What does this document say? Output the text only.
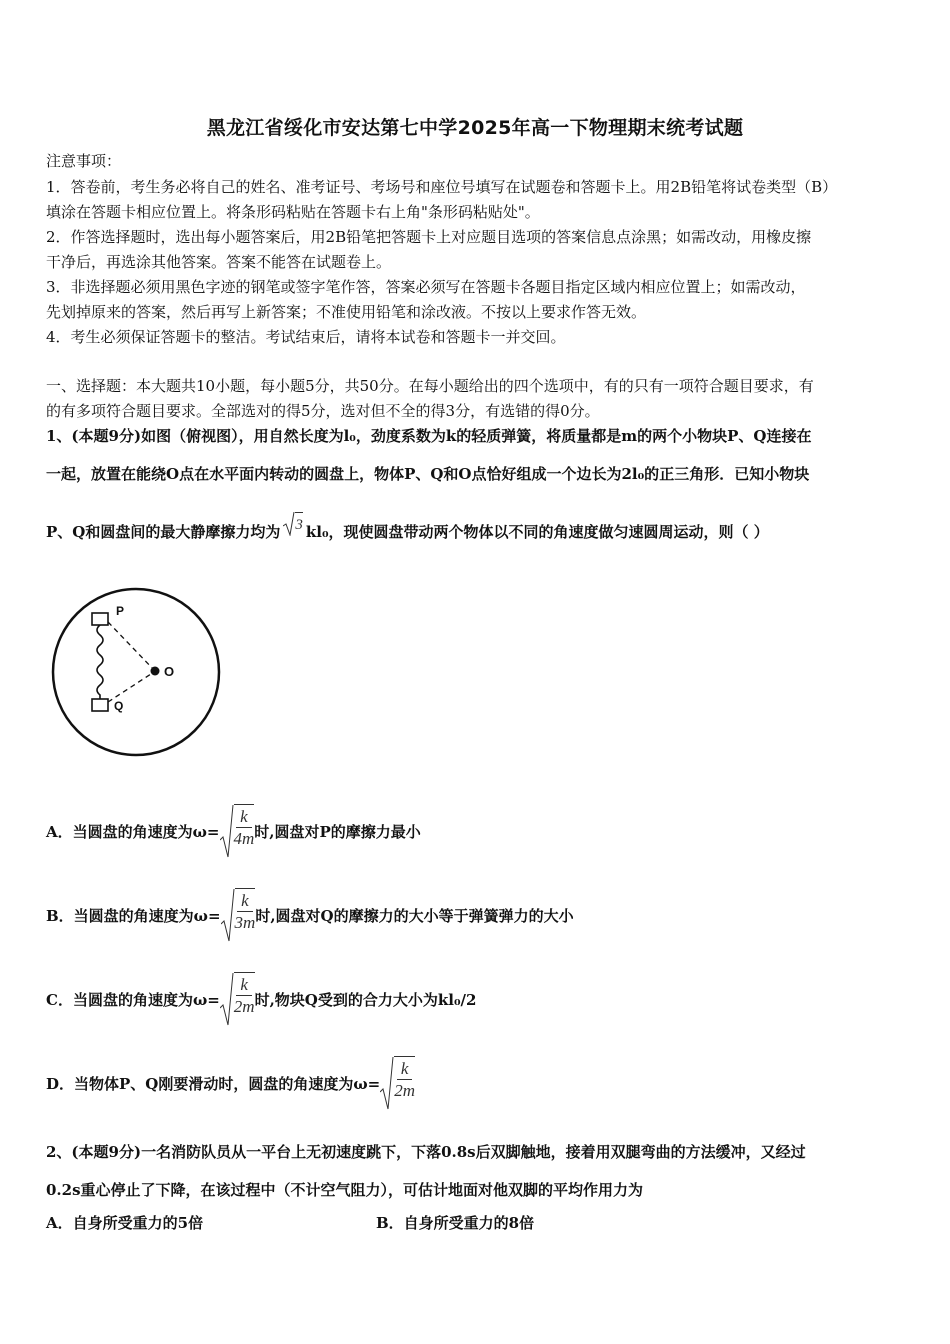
黑龙江省绥化市安达第七中学2025年高一下物理期末统考试题
注意事项：
1．答卷前，考生务必将自己的姓名、准考证号、考场号和座位号填写在试题卷和答题卡上。用2B铅笔将试卷类型（B）
填涂在答题卡相应位置上。将条形码粘贴在答题卡右上角"条形码粘贴处"。
2．作答选择题时，选出每小题答案后，用2B铅笔把答题卡上对应题目选项的答案信息点涂黑；如需改动，用橡皮擦
干净后，再选涂其他答案。答案不能答在试题卷上。
3．非选择题必须用黑色字迹的钢笔或签字笔作答，答案必须写在答题卡各题目指定区域内相应位置上；如需改动，
先划掉原来的答案，然后再写上新答案；不准使用铅笔和涂改液。不按以上要求作答无效。
4．考生必须保证答题卡的整洁。考试结束后，请将本试卷和答题卡一并交回。
一、选择题：本大题共10小题，每小题5分，共50分。在每小题给出的四个选项中，有的只有一项符合题目要求，有
的有多项符合题目要求。全部选对的得5分，选对但不全的得3分，有选错的得0分。
1、(本题9分)如图（俯视图），用自然长度为l₀，劲度系数为k的轻质弹簧，将质量都是m的两个小物块P、Q连接在
一起，放置在能绕O点在水平面内转动的圆盘上，物体P、Q和O点恰好组成一个边长为2l₀的正三角形．已知小物块
P、Q和圆盘间的最大静摩擦力均为 3 kl₀，现使圆盘带动两个物体以不同的角速度做匀速圆周运动，则（ ）
P
O
Q
A．当圆盘的角速度为$\omega= \frac{k}{4m}$ 时,圆盘对P的摩擦力最小
B．当圆盘的角速度为$\omega= \frac{k}{3m}$ 时,圆盘对Q的摩擦力的大小等于弹簧弹力的大小
C．当圆盘的角速度为$\omega= \frac{k}{2m}$ 时,物块Q受到的合力大小为kl₀/2
D．当物体P、Q刚要滑动时，圆盘的角速度为$\omega= \frac{k}{2m}$
2、(本题9分)一名消防队员从一平台上无初速度跳下，下落0.8s后双脚触地，接着用双腿弯曲的方法缓冲，又经过
0.2s重心停止了下降，在该过程中（不计空气阻力），可估计地面对他双脚的平均作用力为
A．自身所受重力的5倍	B．自身所受重力的8倍
